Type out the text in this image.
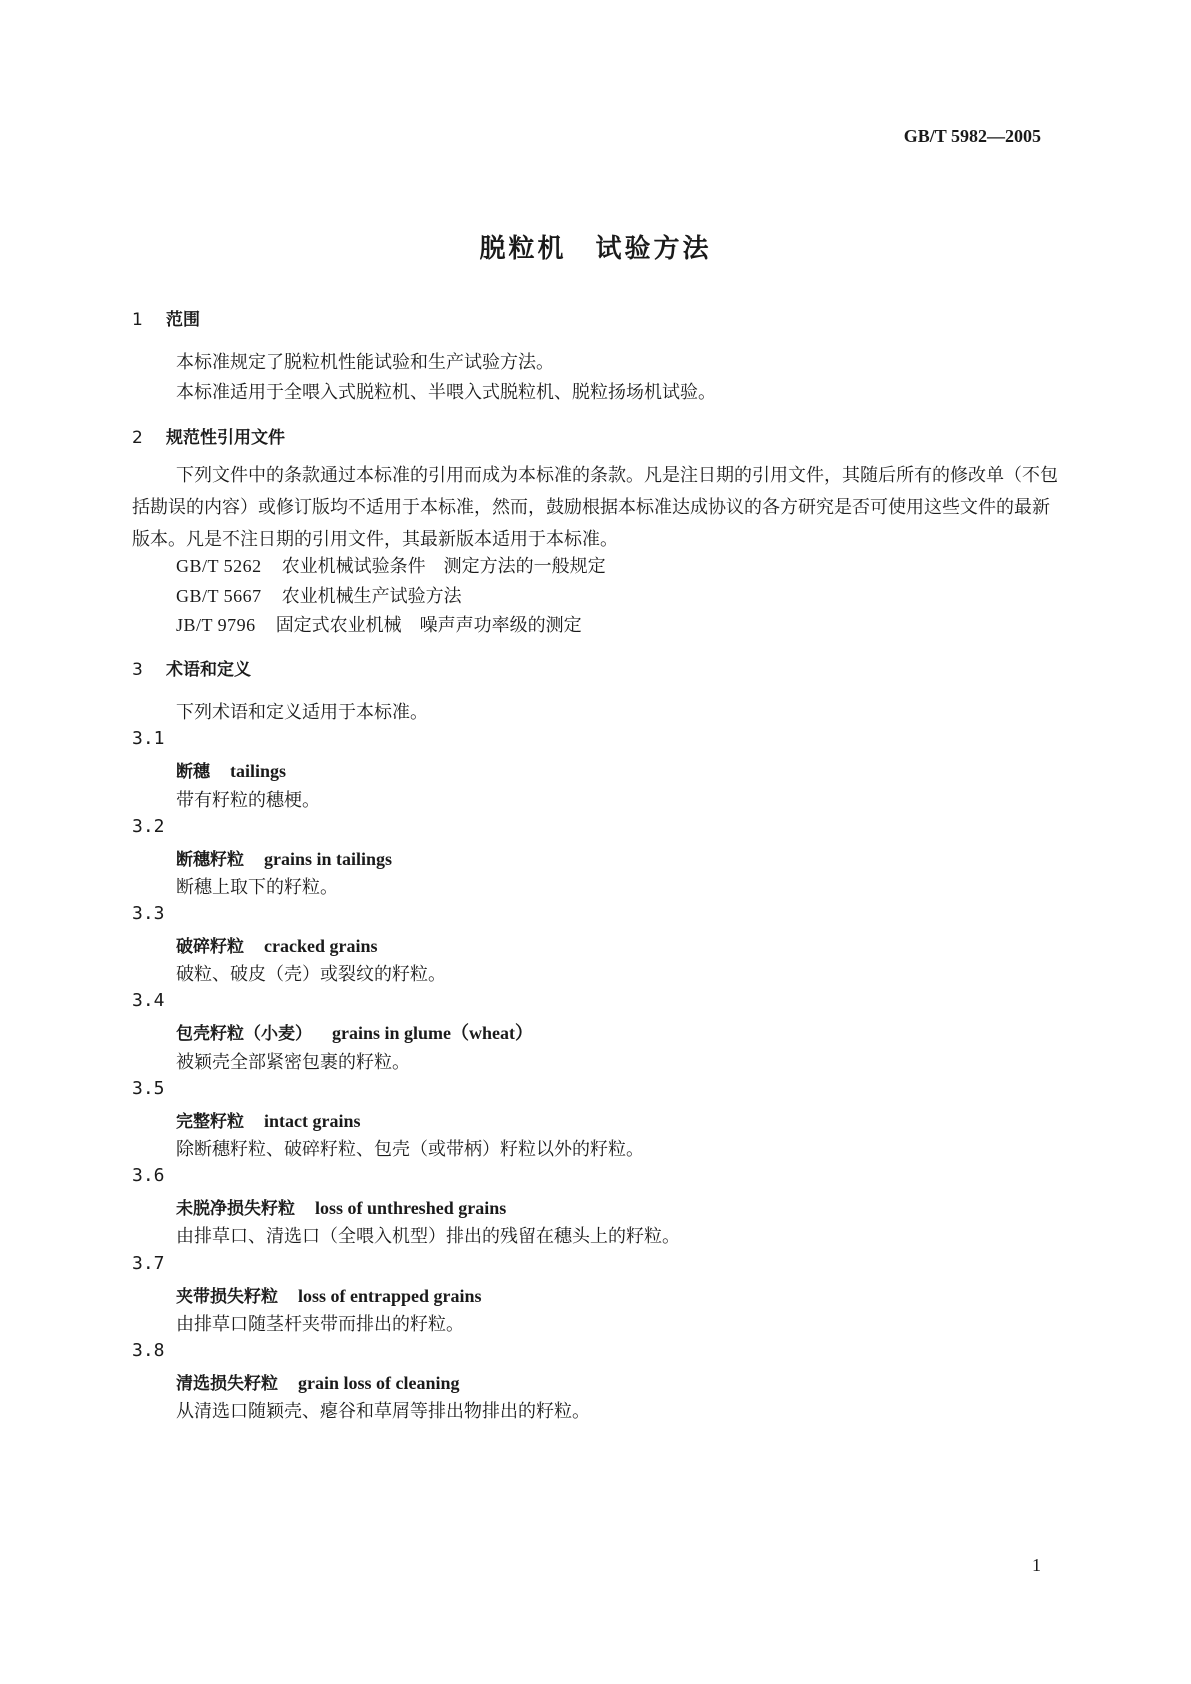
GB/T 5982—2005
脱粒机　试验方法
1 范围
本标准规定了脱粒机性能试验和生产试验方法。
本标准适用于全喂入式脱粒机、半喂入式脱粒机、脱粒扬场机试验。
2 规范性引用文件
下列文件中的条款通过本标准的引用而成为本标准的条款。凡是注日期的引用文件，其随后所有的修改单（不包括勘误的内容）或修订版均不适用于本标准，然而，鼓励根据本标准达成协议的各方研究是否可使用这些文件的最新版本。凡是不注日期的引用文件，其最新版本适用于本标准。
GB/T 5262 农业机械试验条件　测定方法的一般规定
GB/T 5667 农业机械生产试验方法
JB/T 9796 固定式农业机械　噪声声功率级的测定
3 术语和定义
下列术语和定义适用于本标准。
3.1
断穗 tailings
带有籽粒的穗梗。
3.2
断穗籽粒 grains in tailings
断穗上取下的籽粒。
3.3
破碎籽粒 cracked grains
破粒、破皮（壳）或裂纹的籽粒。
3.4
包壳籽粒（小麦） grains in glume（wheat）
被颖壳全部紧密包裹的籽粒。
3.5
完整籽粒 intact grains
除断穗籽粒、破碎籽粒、包壳（或带柄）籽粒以外的籽粒。
3.6
未脱净损失籽粒 loss of unthreshed grains
由排草口、清选口（全喂入机型）排出的残留在穗头上的籽粒。
3.7
夹带损失籽粒 loss of entrapped grains
由排草口随茎杆夹带而排出的籽粒。
3.8
清选损失籽粒 grain loss of cleaning
从清选口随颖壳、瘪谷和草屑等排出物排出的籽粒。
1
